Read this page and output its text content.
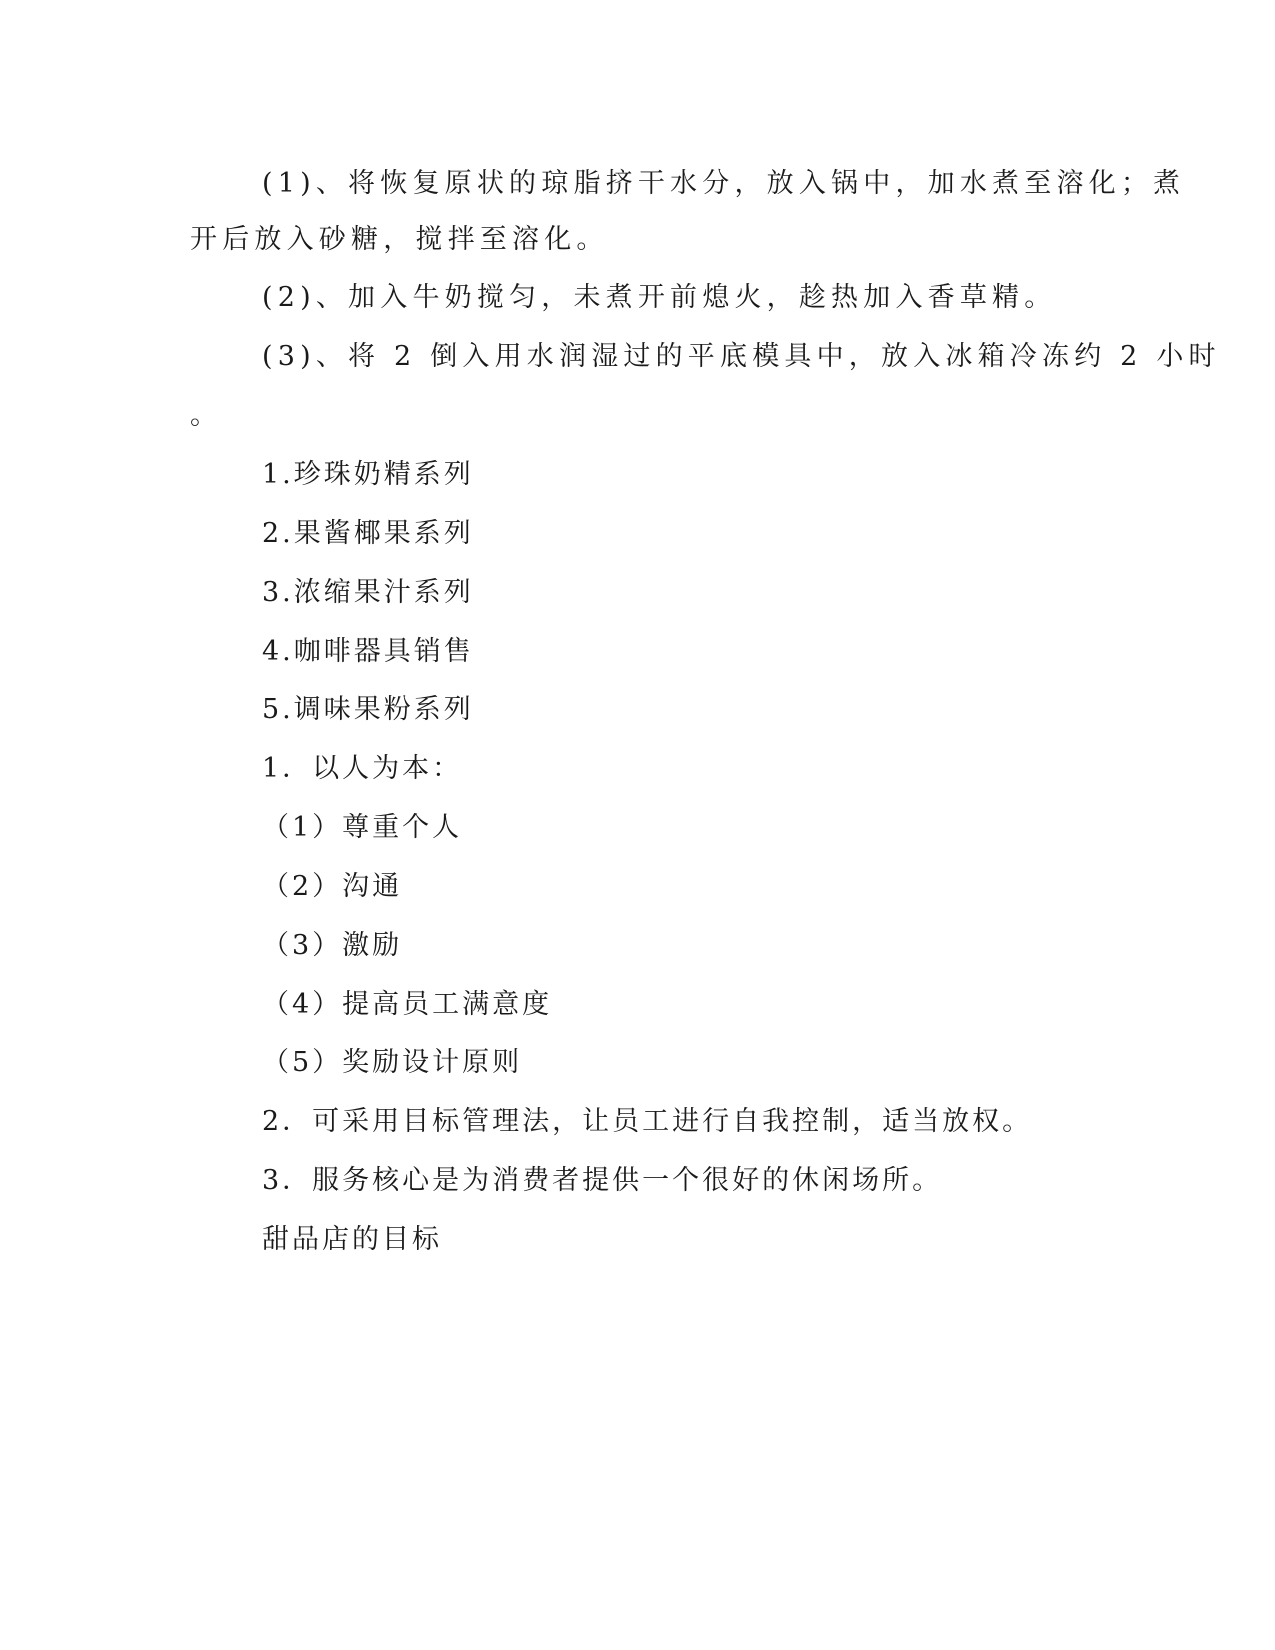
(1)、将恢复原状的琼脂挤干水分，放入锅中，加水煮至溶化；煮

开后放入砂糖，搅拌至溶化。

(2)、加入牛奶搅匀，未煮开前熄火，趁热加入香草精。

(3)、将 2 倒入用水润湿过的平底模具中，放入冰箱冷冻约 2 小时

。

1.珍珠奶精系列

2.果酱椰果系列

3.浓缩果汁系列

4.咖啡器具销售

5.调味果粉系列

1．以人为本：

（1）尊重个人

（2）沟通

（3）激励

（4）提高员工满意度

（5）奖励设计原则

2．可采用目标管理法，让员工进行自我控制，适当放权。

3．服务核心是为消费者提供一个很好的休闲场所。

甜品店的目标
